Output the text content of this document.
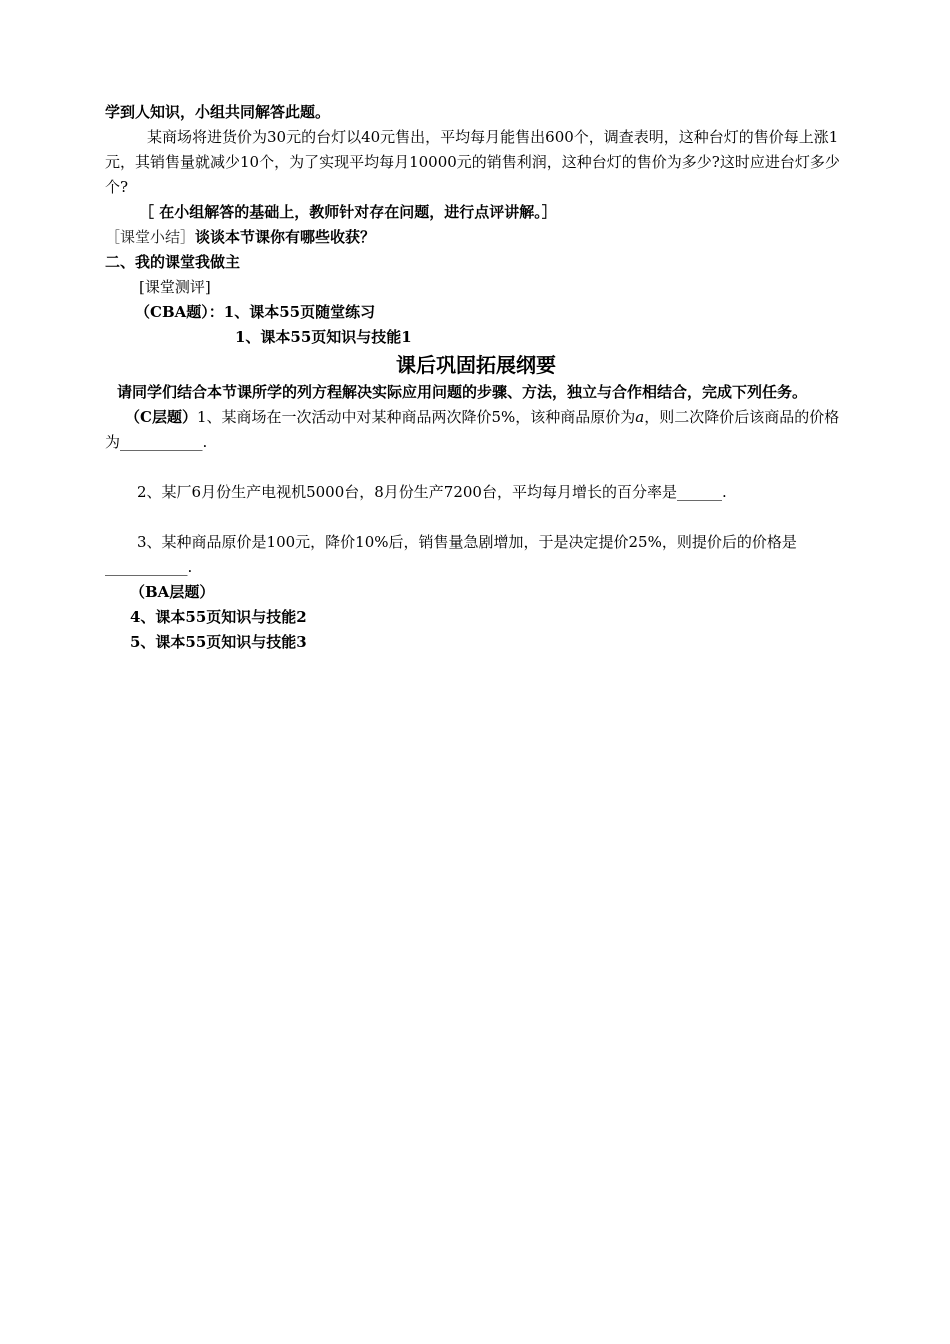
学到人知识，小组共同解答此题。

某商场将进货价为30元的台灯以40元售出，平均每月能售出600个，调查表明，这种台灯的售价每上涨1元，其销售量就减少10个，为了实现平均每月10000元的销售利润，这种台灯的售价为多少?这时应进台灯多少个?

［ 在小组解答的基础上，教师针对存在问题，进行点评讲解。］

［课堂小结］谈谈本节课你有哪些收获？

二、我的课堂我做主

[课堂测评]

（CBA题）：1、课本55页随堂练习

1、课本55页知识与技能1

课后巩固拓展纲要

请同学们结合本节课所学的列方程解决实际应用问题的步骤、方法，独立与合作相结合，完成下列任务。

（C层题）1、某商场在一次活动中对某种商品两次降价5%，该种商品原价为a，则二次降价后该商品的价格为___________.

2、某厂6月份生产电视机5000台，8月份生产7200台，平均每月增长的百分率是______.

3、某种商品原价是100元，降价10%后，销售量急剧增加，于是决定提价25%，则提价后的价格是___________.

（BA层题）

4、课本55页知识与技能2

5、课本55页知识与技能3
